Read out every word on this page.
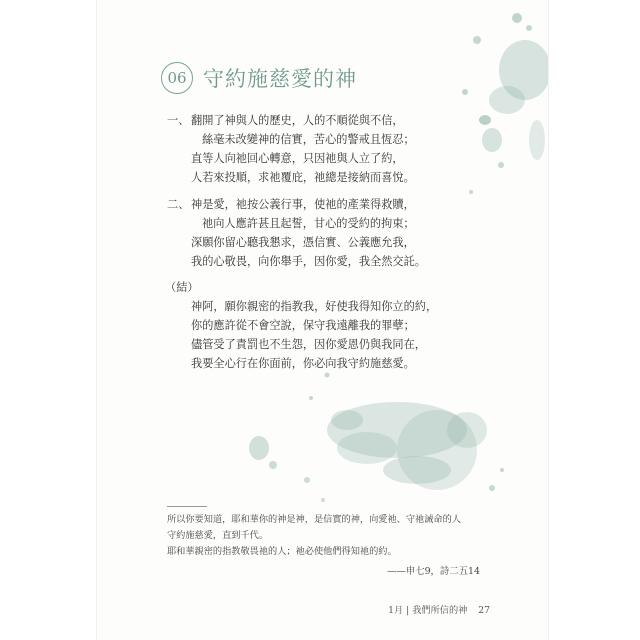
06 守約施慈愛的神
一、 翻開了神與人的歷史，人的不順從與不信，
絲毫未改變神的信實，苦心的警戒且恆忍；
直等人向祂回心轉意，只因祂與人立了約，
人若來投順，求祂覆庇，祂總是接納而喜悅。
二、 神是愛，祂按公義行事，使祂的產業得救贖，
祂向人應許甚且起誓，甘心的受約的拘束；
深願你留心聽我懇求，憑信實、公義應允我，
我的心敬畏，向你舉手，因你愛，我全然交託。
（結）
神阿，願你親密的指教我，好使我得知你立的約，
你的應許從不會空說，保守我遠離我的罪孽；
儘管受了責罰也不生怨，因你愛恩仍與我同在，
我要全心行在你面前，你必向我守約施慈愛。
所以你要知道，耶和華你的神是神，是信實的神，向愛祂、守祂誡命的人
守約施慈愛，直到千代。
耶和華親密的指教敬畏祂的人；祂必使他們得知祂的約。
——申七9，詩二五14
1月 | 我們所信的神 27
